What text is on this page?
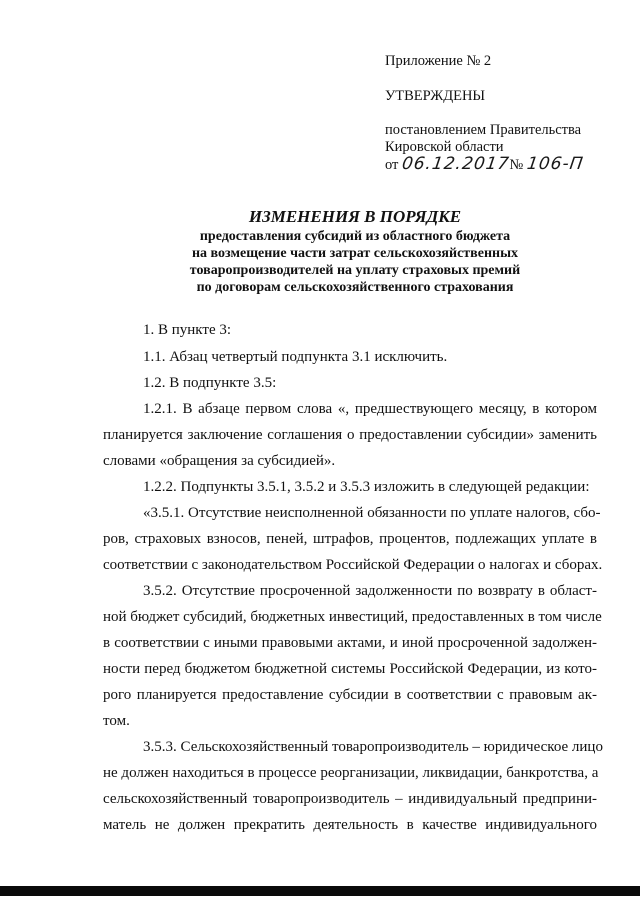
Приложение № 2
УТВЕРЖДЕНЫ
постановлением Правительства
Кировской области
от 06.12.2017№ 106-П
ИЗМЕНЕНИЯ В ПОРЯДКЕ
предоставления субсидий из областного бюджета
на возмещение части затрат сельскохозяйственных
товаропроизводителей на уплату страховых премий
по договорам сельскохозяйственного страхования
1. В пункте 3:
1.1. Абзац четвертый подпункта 3.1 исключить.
1.2. В подпункте 3.5:
1.2.1. В абзаце первом слова «, предшествующего месяцу, в котором
планируется заключение соглашения о предоставлении субсидии» заменить
словами «обращения за субсидией».
1.2.2. Подпункты 3.5.1, 3.5.2 и 3.5.3 изложить в следующей редакции:
«3.5.1. Отсутствие неисполненной обязанности по уплате налогов, сбо-
ров, страховых взносов, пеней, штрафов, процентов, подлежащих уплате в
соответствии с законодательством Российской Федерации о налогах и сборах.
3.5.2. Отсутствие просроченной задолженности по возврату в област-
ной бюджет субсидий, бюджетных инвестиций, предоставленных в том числе
в соответствии с иными правовыми актами, и иной просроченной задолжен-
ности перед бюджетом бюджетной системы Российской Федерации, из кото-
рого планируется предоставление субсидии в соответствии с правовым ак-
том.
3.5.3. Сельскохозяйственный товаропроизводитель – юридическое лицо
не должен находиться в процессе реорганизации, ликвидации, банкротства, а
сельскохозяйственный товаропроизводитель – индивидуальный предприни-
матель не должен прекратить деятельность в качестве индивидуального
